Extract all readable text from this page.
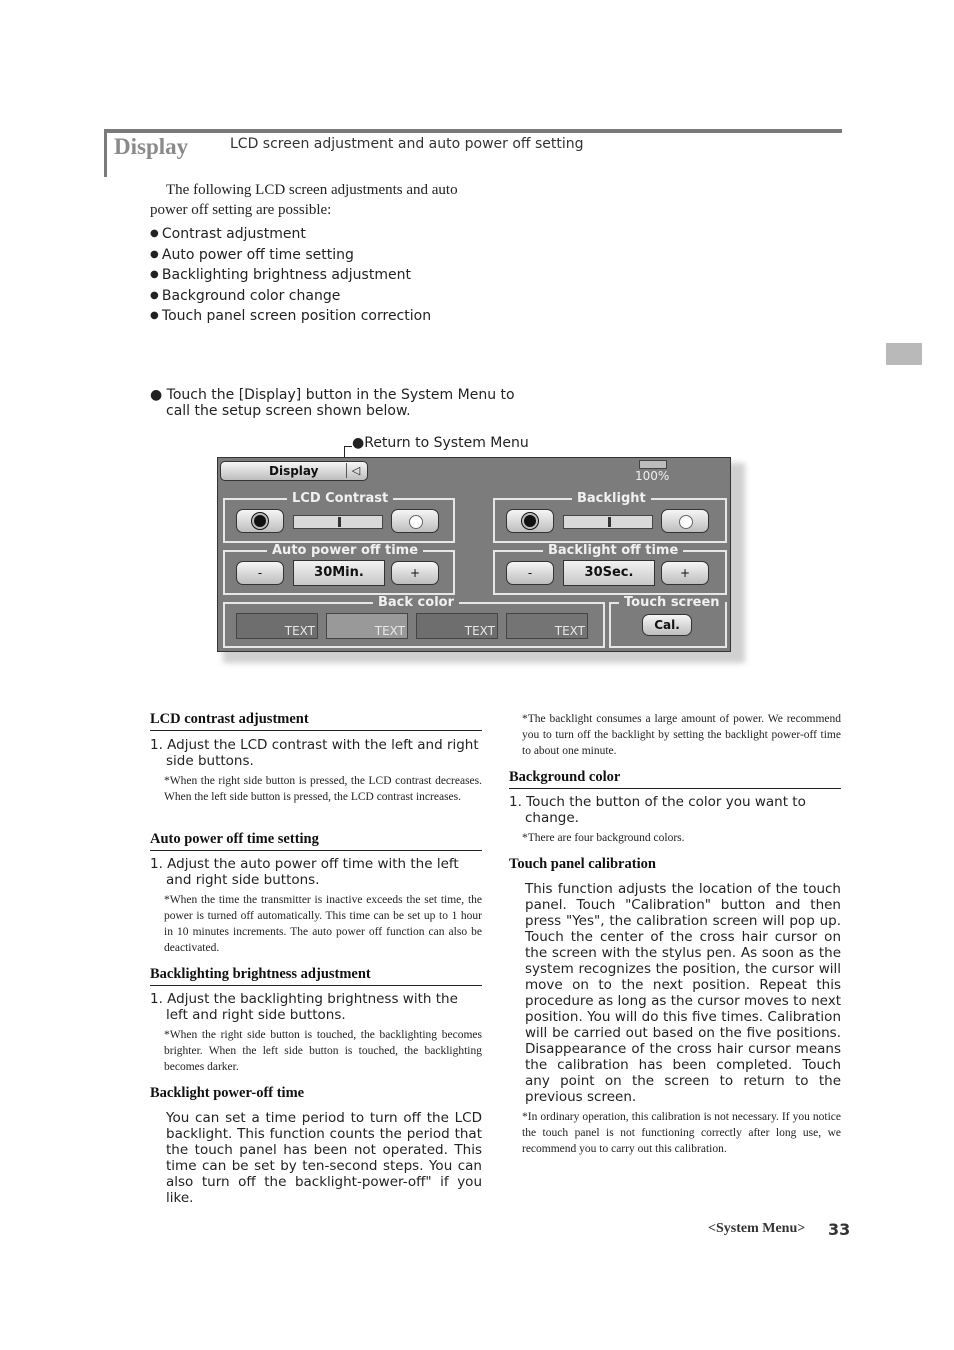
Display	LCD screen adjustment and auto power off setting
The following LCD screen adjustments and auto power off setting are possible:
● Contrast adjustment
● Auto power off time setting
● Backlighting brightness adjustment
● Background color change
● Touch panel screen position correction
● Touch the [Display] button in the System Menu to
call the setup screen shown below.
●Return to System Menu
Display	◁	100%
LCD Contrast	Backlight
Auto power off time
-	30Min.	+
Backlight off time
-	30Sec.	+
Back color
TEXT	TEXT	TEXT	TEXT
Touch screen
Cal.
LCD contrast adjustment
1. Adjust the LCD contrast with the left and right
side buttons.
*When the right side button is pressed, the LCD contrast decreases. When the left side button is pressed, the LCD contrast increases.
Auto power off time setting
1. Adjust the auto power off time with the left
and right side buttons.
*When the time the transmitter is inactive exceeds the set time, the power is turned off automatically. This time can be set up to 1 hour in 10 minutes increments. The auto power off function can also be deactivated.
Backlighting brightness adjustment
1. Adjust the backlighting brightness with the
left and right side buttons.
*When the right side button is touched, the backlighting becomes brighter. When the left side button is touched, the backlighting becomes darker.
Backlight power-off time
You can set a time period to turn off the LCD backlight. This function counts the period that the touch panel has been not operated. This time can be set by ten-second steps. You can also turn off the backlight-power-off" if you like.
*The backlight consumes a large amount of power. We recommend you to turn off the backlight by setting the backlight power-off time to about one minute.
Background color
1. Touch the button of the color you want to
change.
*There are four background colors.
Touch panel calibration
This function adjusts the location of the touch panel. Touch "Calibration" button and then press "Yes", the calibration screen will pop up. Touch the center of the cross hair cursor on the screen with the stylus pen. As soon as the system recognizes the position, the cursor will move on to the next position. Repeat this procedure as long as the cursor moves to next position. You will do this five times. Calibration will be carried out based on the five positions. Disappearance of the cross hair cursor means the calibration has been completed. Touch any point on the screen to return to the previous screen.
*In ordinary operation, this calibration is not necessary. If you notice the touch panel is not functioning correctly after long use, we recommend you to carry out this calibration.
<System Menu> 33
